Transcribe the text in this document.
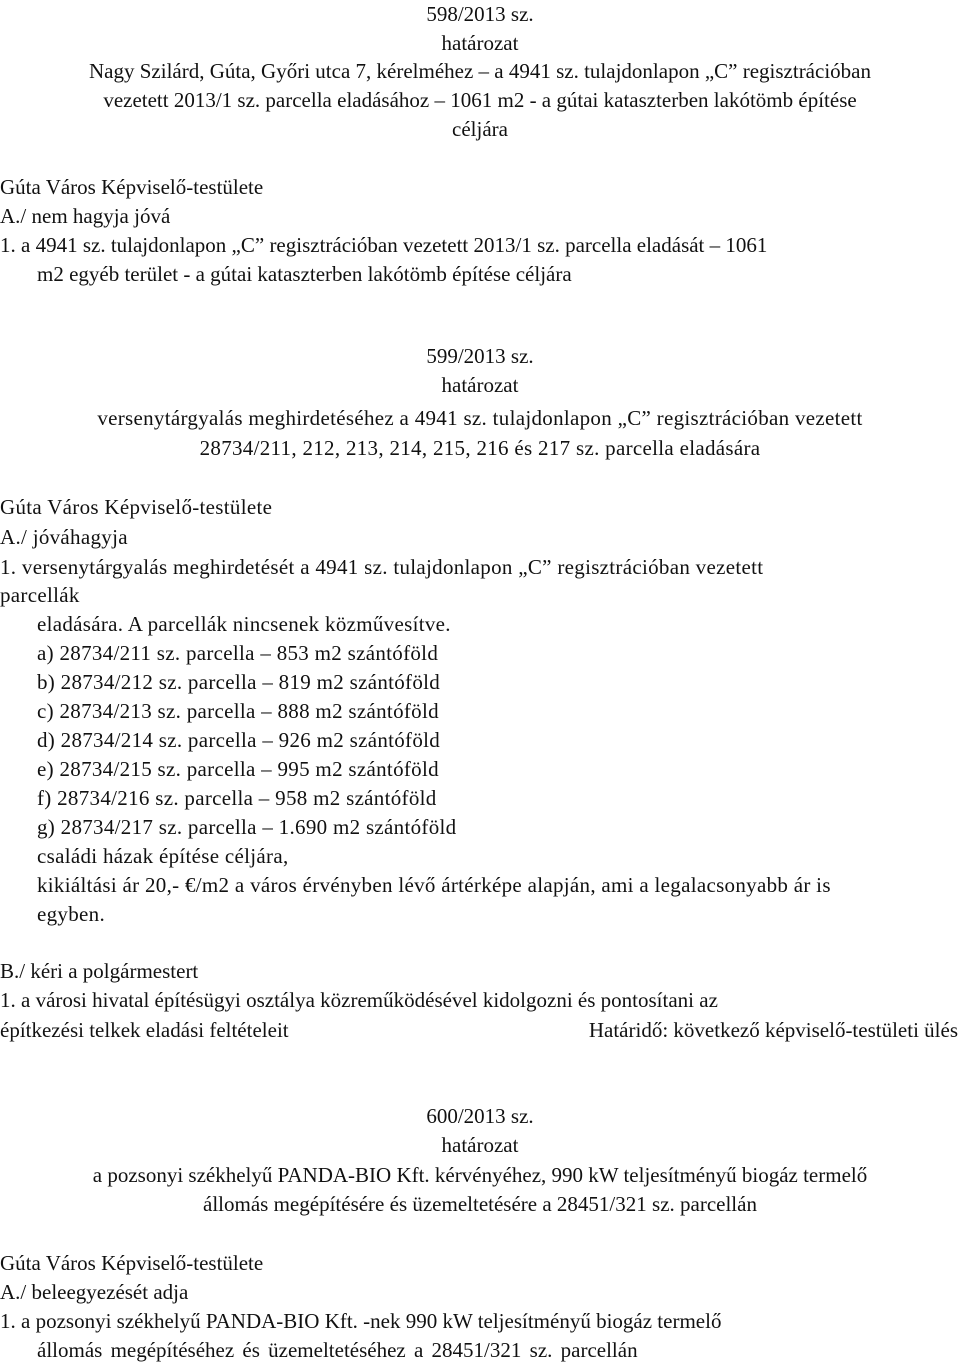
598/2013 sz.
határozat
Nagy Szilárd, Gúta, Győri utca 7, kérelméhez – a 4941 sz. tulajdonlapon „C” regisztrációban
vezetett 2013/1 sz. parcella eladásához – 1061 m2 - a gútai kataszterben lakótömb építése
céljára
Gúta Város Képviselő-testülete
A./ nem hagyja jóvá
1. a 4941 sz. tulajdonlapon „C” regisztrációban vezetett 2013/1 sz. parcella eladását – 1061
m2 egyéb terület - a gútai kataszterben lakótömb építése céljára
599/2013 sz.
határozat
versenytárgyalás meghirdetéséhez a 4941 sz. tulajdonlapon „C” regisztrációban vezetett
28734/211, 212, 213, 214, 215, 216 és 217 sz. parcella eladására
Gúta Város Képviselő-testülete
A./ jóváhagyja
1. versenytárgyalás meghirdetését a 4941 sz. tulajdonlapon „C” regisztrációban vezetett
parcellák
eladására. A parcellák nincsenek közművesítve.
a) 28734/211 sz. parcella – 853 m2 szántóföld
b) 28734/212 sz. parcella – 819 m2 szántóföld
c) 28734/213 sz. parcella – 888 m2 szántóföld
d) 28734/214 sz. parcella – 926 m2 szántóföld
e) 28734/215 sz. parcella – 995 m2 szántóföld
f) 28734/216 sz. parcella – 958 m2 szántóföld
g) 28734/217 sz. parcella – 1.690 m2 szántóföld
családi házak építése céljára,
kikiáltási ár 20,- €/m2 a város érvényben lévő ártérképe alapján, ami a legalacsonyabb ár is
egyben.
B./ kéri a polgármestert
1. a városi hivatal építésügyi osztálya közreműködésével kidolgozni és pontosítani az
építkezési telkek eladási feltételeit	Határidő: következő képviselő-testületi ülés
600/2013 sz.
határozat
a pozsonyi székhelyű PANDA-BIO Kft. kérvényéhez, 990 kW teljesítményű biogáz termelő
állomás megépítésére és üzemeltetésére a 28451/321 sz. parcellán
Gúta Város Képviselő-testülete
A./ beleegyezését adja
1. a pozsonyi székhelyű PANDA-BIO Kft. -nek 990 kW teljesítményű biogáz termelő
állomás megépítéséhez és üzemeltetéséhez a 28451/321 sz. parcellán
